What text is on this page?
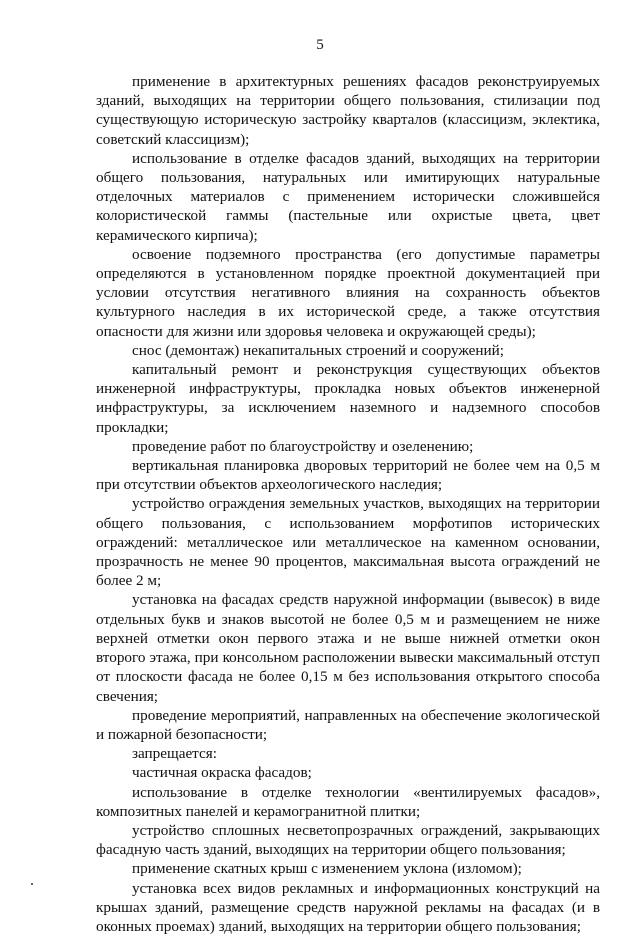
5

применение в архитектурных решениях фасадов реконструируемых зданий, выходящих на территории общего пользования, стилизации под существующую историческую застройку кварталов (классицизм, эклектика, советский классицизм);

использование в отделке фасадов зданий, выходящих на территории общего пользования, натуральных или имитирующих натуральные отделочных материалов с применением исторически сложившейся колористической гаммы (пастельные или охристые цвета, цвет керамического кирпича);

освоение подземного пространства (его допустимые параметры определяются в установленном порядке проектной документацией при условии отсутствия негативного влияния на сохранность объектов культурного наследия в их исторической среде, а также отсутствия опасности для жизни или здоровья человека и окружающей среды);

снос (демонтаж) некапитальных строений и сооружений;

капитальный ремонт и реконструкция существующих объектов инженерной инфраструктуры, прокладка новых объектов инженерной инфраструктуры, за исключением наземного и надземного способов прокладки;

проведение работ по благоустройству и озеленению;

вертикальная планировка дворовых территорий не более чем на 0,5 м при отсутствии объектов археологического наследия;

устройство ограждения земельных участков, выходящих на территории общего пользования, с использованием морфотипов исторических ограждений: металлическое или металлическое на каменном основании, прозрачность не менее 90 процентов, максимальная высота ограждений не более 2 м;

установка на фасадах средств наружной информации (вывесок) в виде отдельных букв и знаков высотой не более 0,5 м и размещением не ниже верхней отметки окон первого этажа и не выше нижней отметки окон второго этажа, при консольном расположении вывески максимальный отступ от плоскости фасада не более 0,15 м без использования открытого способа свечения;

проведение мероприятий, направленных на обеспечение экологической и пожарной безопасности;

запрещается:

частичная окраска фасадов;

использование в отделке технологии «вентилируемых фасадов», композитных панелей и керамогранитной плитки;

устройство сплошных несветопрозрачных ограждений, закрывающих фасадную часть зданий, выходящих на территории общего пользования;

применение скатных крыш с изменением уклона (изломом);

установка всех видов рекламных и информационных конструкций на крышах зданий, размещение средств наружной рекламы на фасадах (и в оконных проемах) зданий, выходящих на территории общего пользования;
